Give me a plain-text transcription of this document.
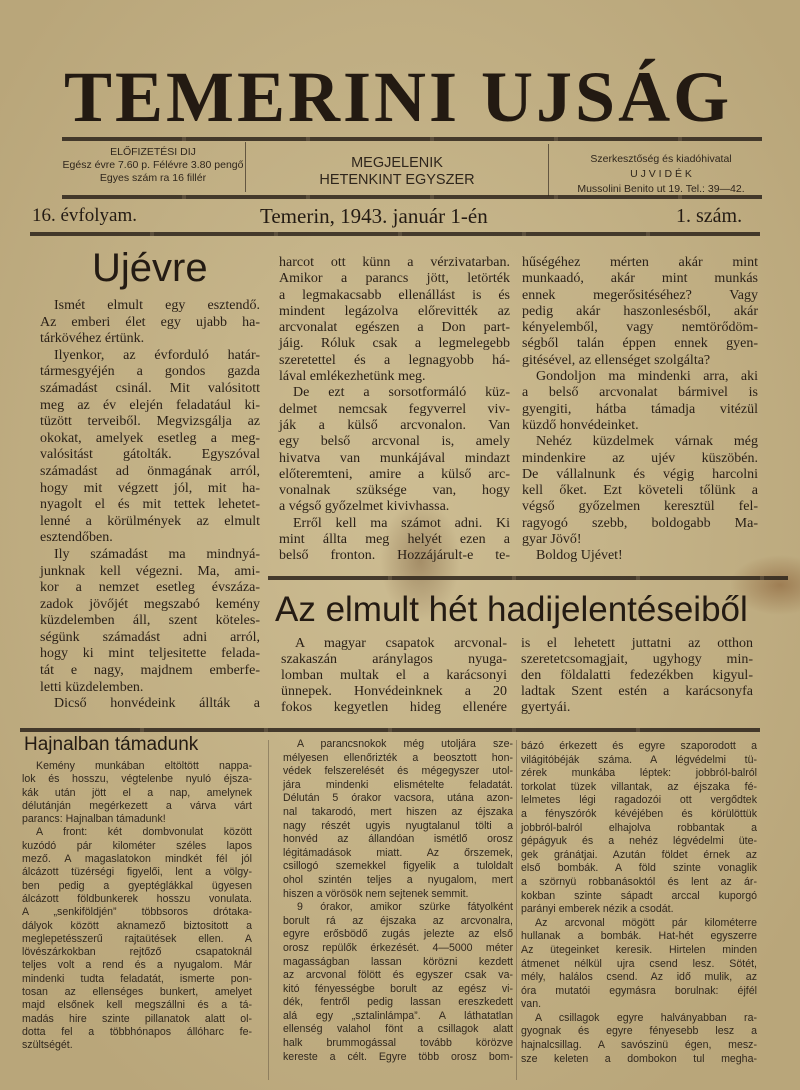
TEMERINI UJSÁG
ELŐFIZETÉSI DIJ
Egész évre 7.60 p. Félévre 3.80 pengő
Egyes szám ra 16 fillér
MEGJELENIK
HETENKINT EGYSZER
Szerkesztőség és kiadóhivatal
U J V I D É K
Mussolini Benito ut 19. Tel.: 39—42.
16. évfolyam.	Temerin, 1943. január 1-én	1. szám.
Ujévre
Ismét elmult egy esztendő.
Az emberi élet egy ujabb ha-
tárkövéhez értünk.
Ilyenkor, az évforduló határ-
tármesgyéjén a gondos gazda
számadást csinál. Mit valósitott
meg az év elején feladatául ki-
tüzött terveiből. Megvizsgálja az
okokat, amelyek esetleg a meg-
valósitást gátolták. Egyszóval
számadást ad önmagának arról,
hogy mit végzett jól, mit ha-
nyagolt el és mit tettek lehetet-
lenné a körülmények az elmult
esztendőben.
Ily számadást ma mindnyá-
junknak kell végezni. Ma, ami-
kor a nemzet esetleg évszáza-
zadok jövőjét megszabó kemény
küzdelemben áll, szent köteles-
ségünk számadást adni arról,
hogy ki mint teljesitette felada-
tát e nagy, majdnem emberfe-
letti küzdelemben.
Dicső honvédeink állták a
harcot ott künn a vérzivatarban.
Amikor a parancs jött, letörték
a legmakacsabb ellenállást is és
mindent legázolva előrevitték az
arcvonalat egészen a Don part-
jáig. Róluk csak a legmelegebb
szeretettel és a legnagyobb há-
lával emlékezhetünk meg.
De ezt a sorsotformáló küz-
delmet nemcsak fegyverrel viv-
ják a külső arcvonalon. Van
egy belső arcvonal is, amely
hivatva van munkájával mindazt
előteremteni, amire a külső arc-
vonalnak szüksége van, hogy
a végső győzelmet kivivhassa.
Erről kell ma számot adni. Ki
mint állta meg helyét ezen a
belső fronton. Hozzájárult-e te-
hűségéhez mérten akár mint
munkaadó, akár mint munkás
ennek megerősitéséhez? Vagy
pedig akár haszonlesésből, akár
kényelemből, vagy nemtörődöm-
ségből talán éppen ennek gyen-
gitésével, az ellenséget szolgálta?
Gondoljon ma mindenki arra, aki
a belső arcvonalat bármivel is
gyengiti, hátba támadja vitézül
küzdő honvédeinket.
Nehéz küzdelmek várnak még
mindenkire az ujév küszöbén.
De vállalnunk és végig harcolni
kell őket. Ezt követeli tőlünk a
végső győzelmen keresztül fel-
ragyogó szebb, boldogabb Ma-
gyar Jövő!
Boldog Ujévet!
Az elmult hét hadijelentéseiből
A magyar csapatok arcvonal-
szakaszán aránylagos nyuga-
lomban multak el a karácsonyi
ünnepek. Honvédeinknek a 20
fokos kegyetlen hideg ellenére
is el lehetett juttatni az otthon
szeretetcsomagjait, ugyhogy min-
den földalatti fedezékben kigyul-
ladtak Szent estén a karácsonyfa
gyertyái.
Hajnalban támadunk
Kemény munkában eltöltött nappa-
lok és hosszu, végtelenbe nyuló éjsza-
kák után jött el a nap, amelynek
délutánján megérkezett a várva várt
parancs: Hajnalban támadunk!
A front: két dombvonulat között
kuzódó pár kilométer széles lapos
mező. A magaslatokon mindkét fél jól
álcázott tüzérségi figyelői, lent a völgy-
ben pedig a gyeptéglákkal ügyesen
álcázott földbunkerek hosszu vonulata.
A „senkiföldjén” többsoros drótaka-
dályok között aknamező biztositott a
meglepetésszerű rajtaütések ellen. A
lövészárkokban rejtőző csapatoknál
teljes volt a rend és a nyugalom. Már
mindenki tudta feladatát, ismerte pon-
tosan az ellenséges bunkert, amelyet
majd elsőnek kell megszállni és a tá-
madás hire szinte pillanatok alatt ol-
dotta fel a többhónapos állóharc fe-
szültségét.
A parancsnokok még utoljára sze-
mélyesen ellenőrizték a beosztott hon-
védek felszerelését és mégegyszer utol-
jára mindenki elismételte feladatát.
Délután 5 órakor vacsora, utána azon-
nal takarodó, mert hiszen az éjszaka
nagy részét ugyis nyugtalanul tölti a
honvéd az állandóan ismétlő orosz
légitámadások miatt. Az őrszemek,
csillogó szemekkel figyelik a tuloldalt
ohol szintén teljes a nyugalom, mert
hiszen a vörösök nem sejtenek semmit.
9 órakor, amikor szürke fátyolként
borult rá az éjszaka az arcvonalra,
egyre erősbödő zugás jelezte az első
orosz repülők érkezését. 4—5000 méter
magasságban lassan körözni kezdett
az arcvonal fölött és egyszer csak va-
kitó fényességbe borult az egész vi-
dék, fentről pedig lassan ereszkedett
alá egy „sztalinlámpa”. A láthatatlan
ellenség valahol fönt a csillagok alatt
halk brummogással tovább körözve
kereste a célt. Egyre több orosz bom-
bázó érkezett és egyre szaporodott a
világitóbéják száma. A légvédelmi tü-
zérek munkába léptek: jobbról-balról
torkolat tüzek villantak, az éjszaka fé-
lelmetes légi ragadozói ott vergődtek
a fényszórók kévéjében és körülöttük
jobbról-balról elhajolva robbantak a
gépágyuk és a nehéz légvédelmi üte-
gek gránátjai. Azután földet érnek az
első bombák. A föld szinte vonaglik
a szörnyü robbanásoktól és lent az ár-
kokban szinte sápadt arccal kuporgó
parányi emberek nézik a csodát.
Az arcvonal mögött pár kilométerre
hullanak a bombák. Hat-hét egyszerre
Az ütegeinket keresik. Hirtelen minden
átmenet nélkül ujra csend lesz. Sötét,
mély, halálos csend. Az idő mulik, az
óra mutatói egymásra borulnak: éjfél
van.
A csillagok egyre halványabban ra-
gyognak és egyre fényesebb lesz a
hajnalcsillag. A savószinü égen, mesz-
sze keleten a dombokon tul megha-
